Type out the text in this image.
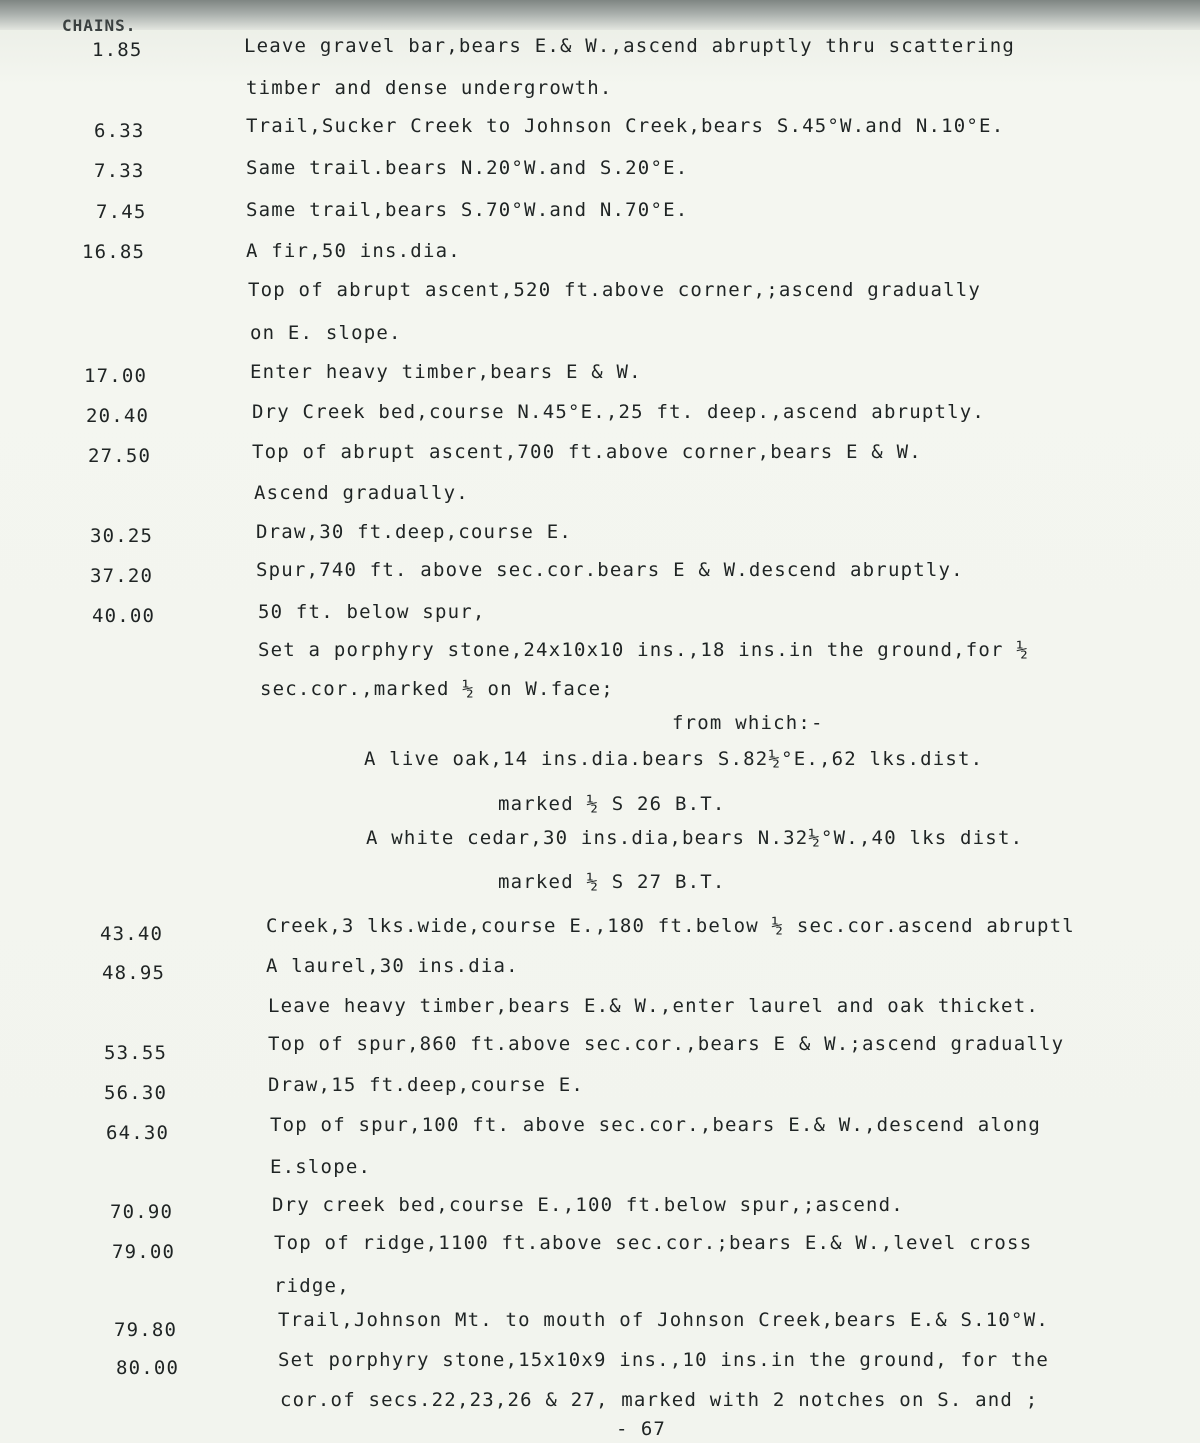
CHAINS.
1.85	Leave gravel bar,bears E.& W.,ascend abruptly thru scattering
timber and dense undergrowth.
6.33	Trail,Sucker Creek to Johnson Creek,bears S.45°W.and N.10°E.
7.33	Same trail.bears N.20°W.and S.20°E.
7.45	Same trail,bears S.70°W.and N.70°E.
16.85	A fir,50 ins.dia.
Top of abrupt ascent,520 ft.above corner,;ascend gradually
on E. slope.
17.00	Enter heavy timber,bears E & W.
20.40	Dry Creek bed,course N.45°E.,25 ft. deep.,ascend abruptly.
27.50	Top of abrupt ascent,700 ft.above corner,bears E & W.
Ascend gradually.
30.25	Draw,30 ft.deep,course E.
37.20	Spur,740 ft. above sec.cor.bears E & W.descend abruptly.
40.00	50 ft. below spur,
Set a porphyry stone,24x10x10 ins.,18 ins.in the ground,for ½
sec.cor.,marked ½ on W.face;
from which:-
A live oak,14 ins.dia.bears S.82½°E.,62 lks.dist.
marked ½ S 26 B.T.
A white cedar,30 ins.dia,bears N.32½°W.,40 lks dist.
marked ½ S 27 B.T.
43.40	Creek,3 lks.wide,course E.,180 ft.below ½ sec.cor.ascend abruptl
48.95	A laurel,30 ins.dia.
Leave heavy timber,bears E.& W.,enter laurel and oak thicket.
53.55	Top of spur,860 ft.above sec.cor.,bears E & W.;ascend gradually
56.30	Draw,15 ft.deep,course E.
64.30	Top of spur,100 ft. above sec.cor.,bears E.& W.,descend along
E.slope.
70.90	Dry creek bed,course E.,100 ft.below spur,;ascend.
79.00	Top of ridge,1100 ft.above sec.cor.;bears E.& W.,level cross
ridge,
79.80	Trail,Johnson Mt. to mouth of Johnson Creek,bears E.& S.10°W.
80.00	Set porphyry stone,15x10x9 ins.,10 ins.in the ground, for the
cor.of secs.22,23,26 & 27, marked with 2 notches on S. and ;
- 67
